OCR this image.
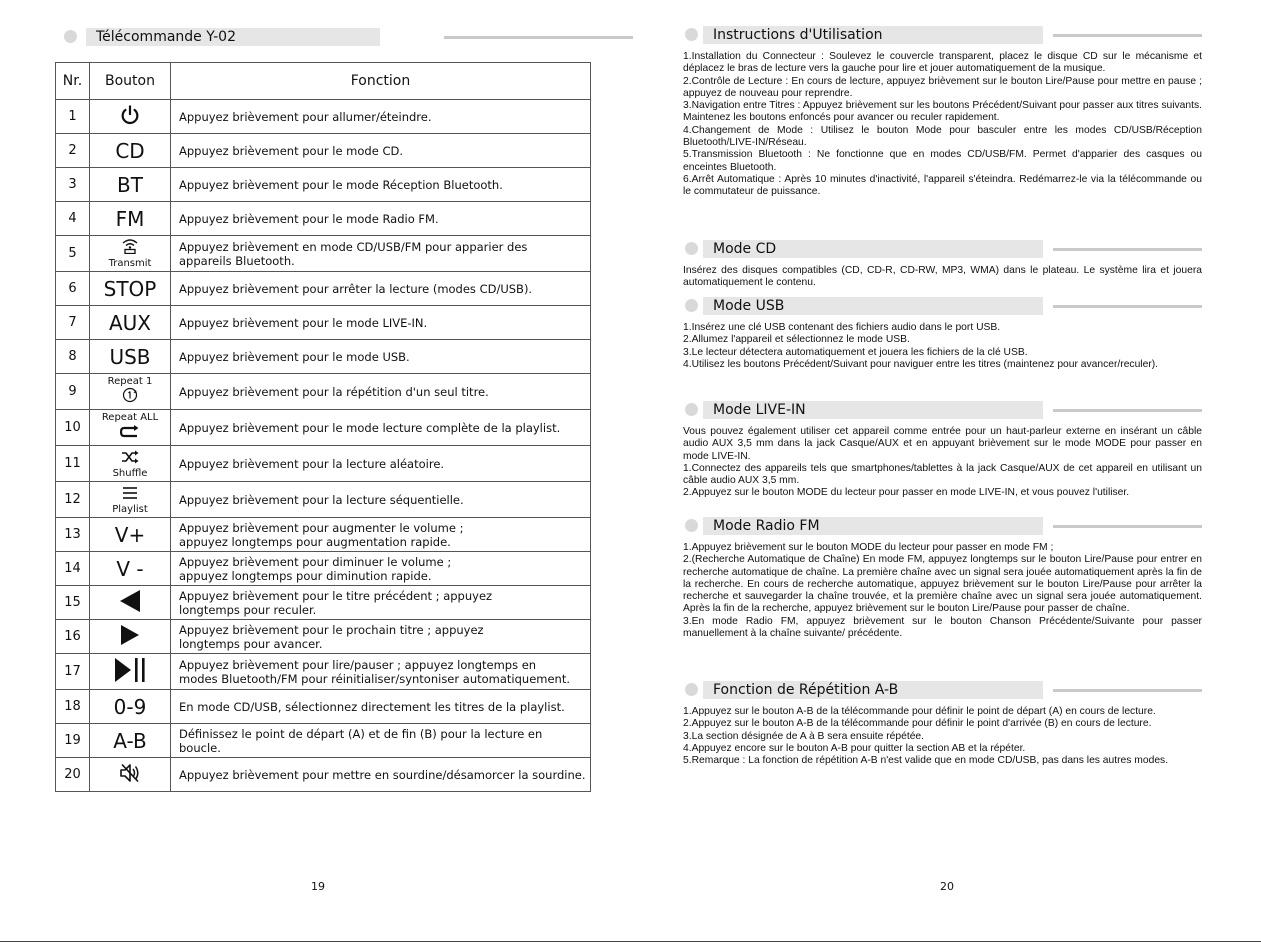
Télécommande Y-02
Nr.	Bouton	Fonction
1		Appuyez brièvement pour allumer/éteindre.
2	CD	Appuyez brièvement pour le mode CD.
3	BT	Appuyez brièvement pour le mode Réception Bluetooth.
4	FM	Appuyez brièvement pour le mode Radio FM.
5	Transmit	Appuyez brièvement en mode CD/USB/FM pour apparier des
appareils Bluetooth.
6	STOP	Appuyez brièvement pour arrêter la lecture (modes CD/USB).
7	AUX	Appuyez brièvement pour le mode LIVE-IN.
8	USB	Appuyez brièvement pour le mode USB.
9	Repeat 1	Appuyez brièvement pour la répétition d'un seul titre.
10	Repeat ALL	Appuyez brièvement pour le mode lecture complète de la playlist.
11	Shuffle	Appuyez brièvement pour la lecture aléatoire.
12	Playlist	Appuyez brièvement pour la lecture séquentielle.
13	V+	Appuyez brièvement pour augmenter le volume ;
appuyez longtemps pour augmentation rapide.
14	V -	Appuyez brièvement pour diminuer le volume ;
appuyez longtemps pour diminution rapide.
15		Appuyez brièvement pour le titre précédent ; appuyez
longtemps pour reculer.
16		Appuyez brièvement pour le prochain titre ; appuyez
longtemps pour avancer.
17		Appuyez brièvement pour lire/pauser ; appuyez longtemps en
modes Bluetooth/FM pour réinitialiser/syntoniser automatiquement.
18	0-9	En mode CD/USB, sélectionnez directement les titres de la playlist.
19	A-B	Définissez le point de départ (A) et de fin (B) pour la lecture en boucle.
20		Appuyez brièvement pour mettre en sourdine/désamorcer la sourdine.
19
Instructions d'Utilisation

1.Installation du Connecteur : Soulevez le couvercle transparent, placez le disque CD sur le mécanisme et déplacez le bras de lecture vers la gauche pour lire et jouer automatiquement de la musique.

2.Contrôle de Lecture : En cours de lecture, appuyez brièvement sur le bouton Lire/Pause pour mettre en pause ; appuyez de nouveau pour reprendre.

3.Navigation entre Titres : Appuyez brièvement sur les boutons Précédent/Suivant pour passer aux titres suivants. Maintenez les boutons enfoncés pour avancer ou reculer rapidement.

4.Changement de Mode : Utilisez le bouton Mode pour basculer entre les modes CD/USB/Réception Bluetooth/LIVE-IN/Réseau.

5.Transmission Bluetooth : Ne fonctionne que en modes CD/USB/FM. Permet d'apparier des casques ou enceintes Bluetooth.

6.Arrêt Automatique : Après 10 minutes d'inactivité, l'appareil s'éteindra. Redémarrez-le via la télécommande ou le commutateur de puissance.

Mode CD

Insérez des disques compatibles (CD, CD-R, CD-RW, MP3, WMA) dans le plateau. Le système lira et jouera automatiquement le contenu.

Mode USB

1.Insérez une clé USB contenant des fichiers audio dans le port USB.

2.Allumez l'appareil et sélectionnez le mode USB.

3.Le lecteur détectera automatiquement et jouera les fichiers de la clé USB.

4.Utilisez les boutons Précédent/Suivant pour naviguer entre les titres (maintenez pour avancer/reculer).

Mode LIVE-IN

Vous pouvez également utiliser cet appareil comme entrée pour un haut-parleur externe en insérant un câble audio AUX 3,5 mm dans la jack Casque/AUX et en appuyant brièvement sur le mode MODE pour passer en mode LIVE-IN.

1.Connectez des appareils tels que smartphones/tablettes à la jack Casque/AUX de cet appareil en utilisant un câble audio AUX 3,5 mm.

2.Appuyez sur le bouton MODE du lecteur pour passer en mode LIVE-IN, et vous pouvez l'utiliser.

Mode Radio FM

1.Appuyez brièvement sur le bouton MODE du lecteur pour passer en mode FM ;

2.(Recherche Automatique de Chaîne) En mode FM, appuyez longtemps sur le bouton Lire/Pause pour entrer en recherche automatique de chaîne. La première chaîne avec un signal sera jouée automatiquement après la fin de la recherche. En cours de recherche automatique, appuyez brièvement sur le bouton Lire/Pause pour arrêter la recherche et sauvegarder la chaîne trouvée, et la première chaîne avec un signal sera jouée automatiquement. Après la fin de la recherche, appuyez brièvement sur le bouton Lire/Pause pour passer de chaîne.

3.En mode Radio FM, appuyez brièvement sur le bouton Chanson Précédente/Suivante pour passer manuellement à la chaîne suivante/ précédente.

Fonction de Répétition A-B

1.Appuyez sur le bouton A-B de la télécommande pour définir le point de départ (A) en cours de lecture.

2.Appuyez sur le bouton A-B de la télécommande pour définir le point d'arrivée (B) en cours de lecture.

3.La section désignée de A à B sera ensuite répétée.

4.Appuyez encore sur le bouton A-B pour quitter la section AB et la répéter.

5.Remarque : La fonction de répétition A-B n'est valide que en mode CD/USB, pas dans les autres modes.

20
